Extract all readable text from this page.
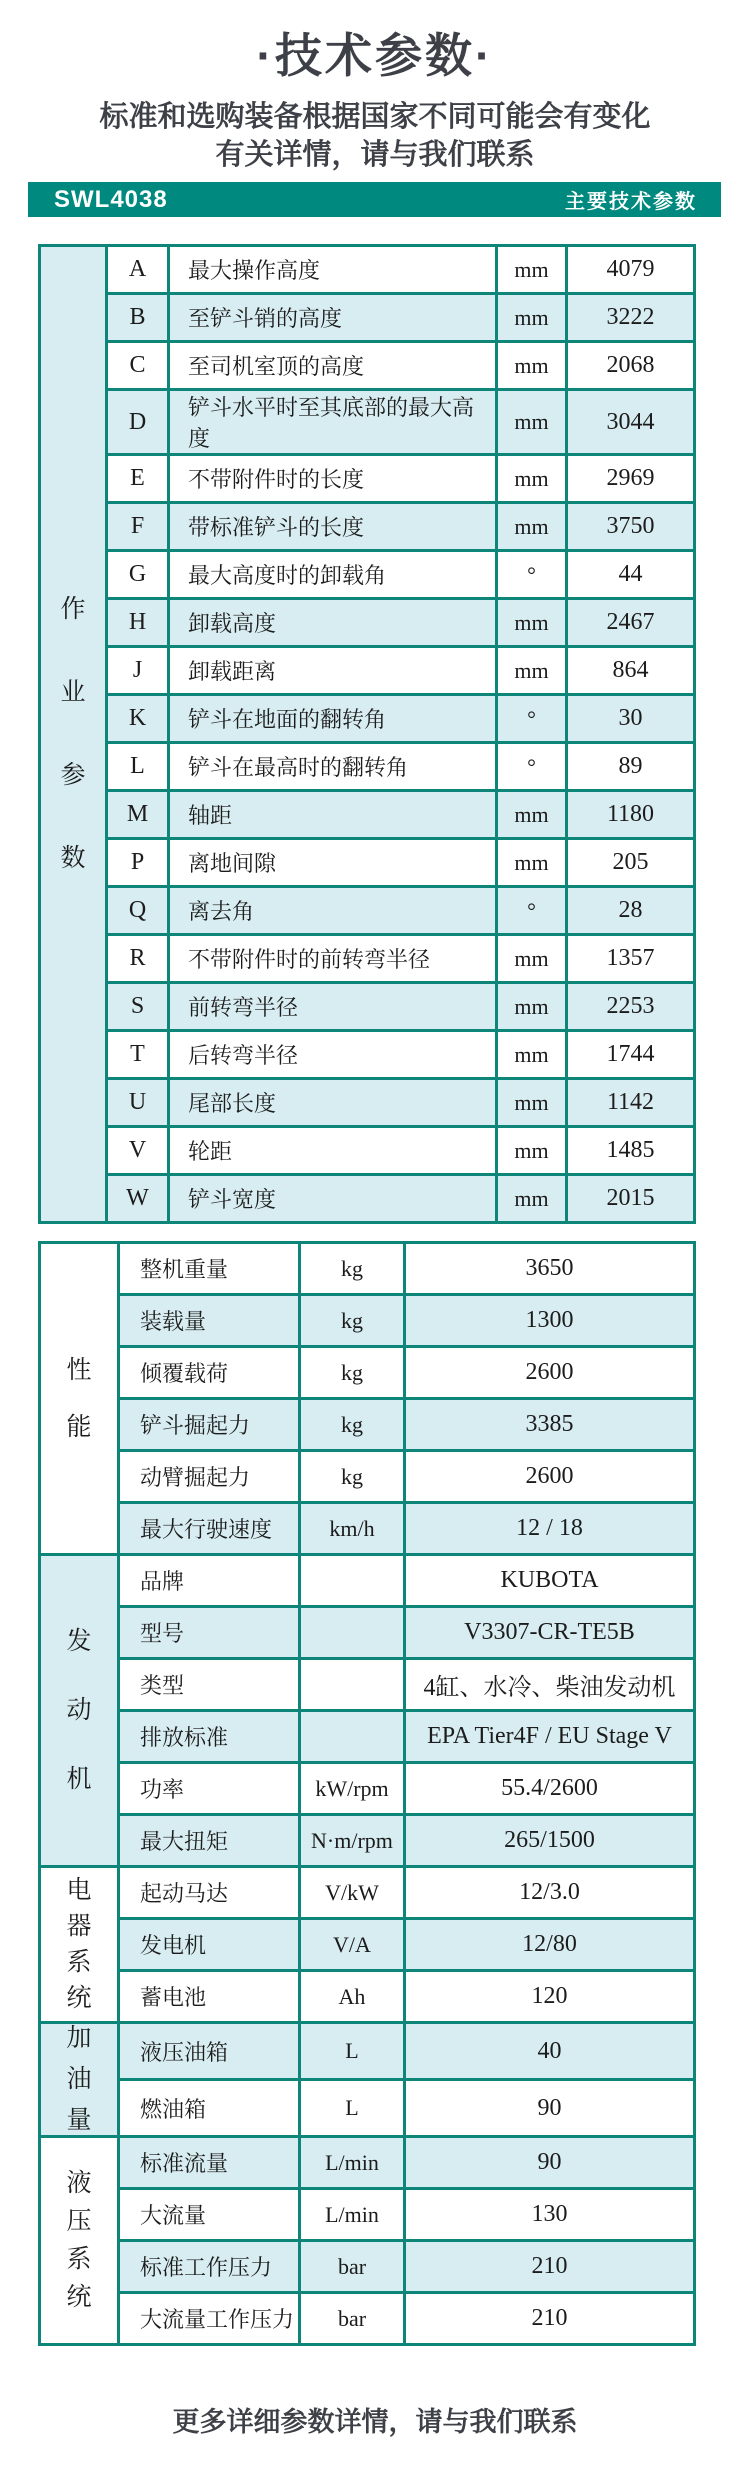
·技术参数·

标准和选购装备根据国家不同可能会有变化

有关详情，请与我们联系

SWL4038	主要技术参数
作
业
参
数	A	最大操作高度	mm	4079
	B	至铲斗销的高度	mm	3222
	C	至司机室顶的高度	mm	2068
	D	铲斗水平时至其底部的最大高度	mm	3044
	E	不带附件时的长度	mm	2969
	F	带标准铲斗的长度	mm	3750
	G	最大高度时的卸载角	°	44
	H	卸载高度	mm	2467
	J	卸载距离	mm	864
	K	铲斗在地面的翻转角	°	30
	L	铲斗在最高时的翻转角	°	89
	M	轴距	mm	1180
	P	离地间隙	mm	205
	Q	离去角	°	28
	R	不带附件时的前转弯半径	mm	1357
	S	前转弯半径	mm	2253
	T	后转弯半径	mm	1744
	U	尾部长度	mm	1142
	V	轮距	mm	1485
	W	铲斗宽度	mm	2015
性
能	整机重量	kg	3650
	装载量	kg	1300
	倾覆载荷	kg	2600
	铲斗掘起力	kg	3385
	动臂掘起力	kg	2600
	最大行驶速度	km/h	12 / 18

发
动
机	品牌		KUBOTA
	型号		V3307-CR-TE5B
	类型		4缸、水冷、柴油发动机
	排放标准		EPA Tier4F / EU Stage V
	功率	kW/rpm	55.4/2600
	最大扭矩	N·m/rpm	265/1500

电
器
系
统	起动马达	V/kW	12/3.0
	发电机	V/A	12/80
	蓄电池	Ah	120

加
油
量	液压油箱	L	40
	燃油箱	L	90

液
压
系
统	标准流量	L/min	90
	大流量	L/min	130
	标准工作压力	bar	210
	大流量工作压力	bar	210

更多详细参数详情，请与我们联系
